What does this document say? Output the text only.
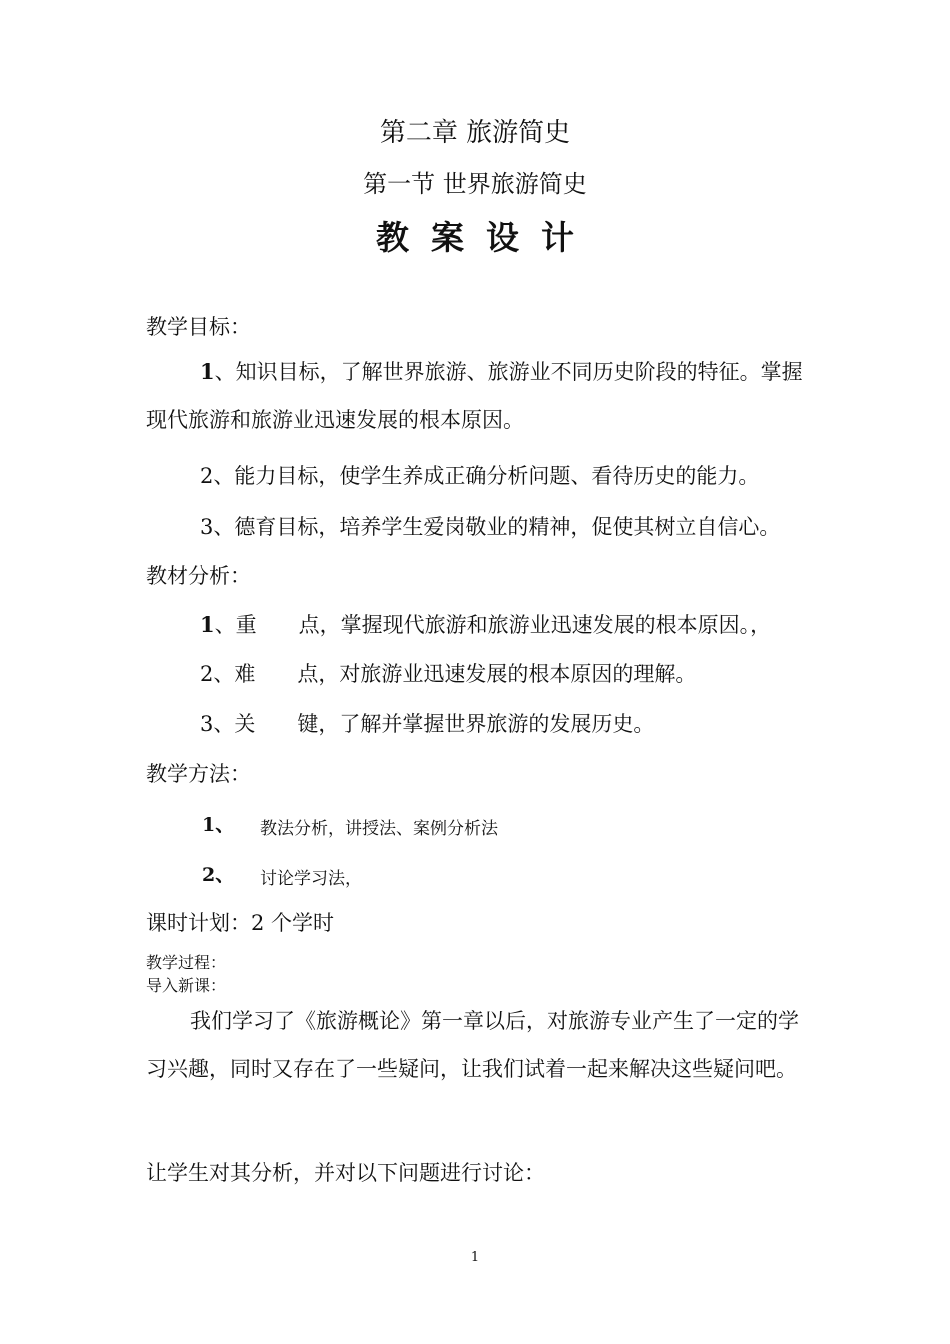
第二章 旅游简史
第一节 世界旅游简史
教案设计
教学目标：
1、知识目标，了解世界旅游、旅游业不同历史阶段的特征。掌握现代旅游和旅游业迅速发展的根本原因。
2、能力目标，使学生养成正确分析问题、看待历史的能力。
3、德育目标，培养学生爱岗敬业的精神，促使其树立自信心。
教材分析：
1、重　　点，掌握现代旅游和旅游业迅速发展的根本原因。，
2、难　　点，对旅游业迅速发展的根本原因的理解。
3、关　　键，了解并掌握世界旅游的发展历史。
教学方法：
1、 教法分析，讲授法、案例分析法
2、 讨论学习法，
课时计划：2 个学时
教学过程：
导入新课：
我们学习了《旅游概论》第一章以后，对旅游专业产生了一定的学习兴趣，同时又存在了一些疑问，让我们试着一起来解决这些疑问吧。
让学生对其分析，并对以下问题进行讨论：
1
